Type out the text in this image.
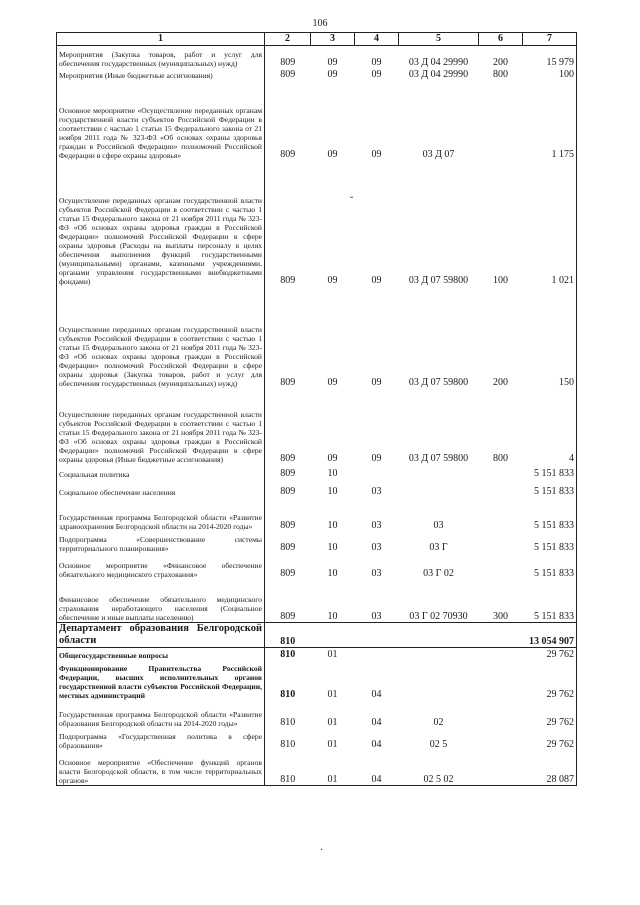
106
1	2	3	4	5	6	7
Мероприятия (Закупка товаров, работ и услуг для обеспечения государственных (муниципальных) нужд)	809	09	09	03 Д 04 29990	200	15 979
Мероприятия (Иные бюджетные ассигнования)	809	09	09	03 Д 04 29990	800	100
Основное мероприятие «Осуществление переданных органам государственной власти субъектов Российской Федерации в соответствии с частью 1 статьи 15 Федерального закона от 21 ноября 2011 года № 323-ФЗ «Об основах охраны здоровья граждан в Российской Федерации» полномочий Российской Федерации в сфере охраны здоровья»	809	09	09	03 Д 07		1 175
Осуществление переданных органам государственной власти субъектов Российской Федерации в соответствии с частью 1 статьи 15 Федерального закона от 21 ноября 2011 года № 323-ФЗ «Об основах охраны здоровья граждан в Российской Федерации» полномочий Российской Федерации в сфере охраны здоровья (Расходы на выплаты персоналу в целях обеспечения выполнения функций государственными (муниципальными) органами, казенными учреждениями, органами управления государственными внебюджетными фондами)	809	09	09	03 Д 07 59800	100	1 021
Осуществление переданных органам государственной власти субъектов Российской Федерации в соответствии с частью 1 статьи 15 Федерального закона от 21 ноября 2011 года № 323-ФЗ «Об основах охраны здоровья граждан в Российской Федерации» полномочий Российской Федерации в сфере охраны здоровья (Закупка товаров, работ и услуг для обеспечения государственных (муниципальных) нужд)	809	09	09	03 Д 07 59800	200	150
Осуществление переданных органам государственной власти субъектов Российской Федерации в соответствии с частью 1 статьи 15 Федерального закона от 21 ноября 2011 года № 323-ФЗ «Об основах охраны здоровья граждан в Российской Федерации» полномочий Российской Федерации в сфере охраны здоровья (Иные бюджетные ассигнования)	809	09	09	03 Д 07 59800	800	4
Социальная политика	809	10				5 151 833
Социальное обеспечение населения	809	10	03			5 151 833
Государственная программа Белгородской области «Развитие здравоохранения Белгородской области на 2014-2020 годы»	809	10	03	03		5 151 833
Подпрограмма «Совершенствование системы территориального планирования»	809	10	03	03 Г		5 151 833
Основное мероприятие «Финансовое обеспечение обязательного медицинского страхования»	809	10	03	03 Г 02		5 151 833
Финансовое обеспечение обязательного медицинского страхования неработающего населения (Социальное обеспечение и иные выплаты населению)	809	10	03	03 Г 02 70930	300	5 151 833
Департамент образования Белгородской области	810					13 054 907
Общегосударственные вопросы	810	01				29 762
Функционирование Правительства Российской Федерации, высших исполнительных органов государственной власти субъектов Российской Федерации, местных администраций	810	01	04			29 762
Государственная программа Белгородской области «Развитие образования Белгородской области на 2014-2020 годы»	810	01	04	02		29 762
Подпрограмма «Государственная политика в сфере образования»	810	01	04	02 5		29 762
Основное мероприятие «Обеспечение функций органов власти Белгородской области, в том числе территориальных органов»	810	01	04	02 5 02		28 087
ˇ
·
